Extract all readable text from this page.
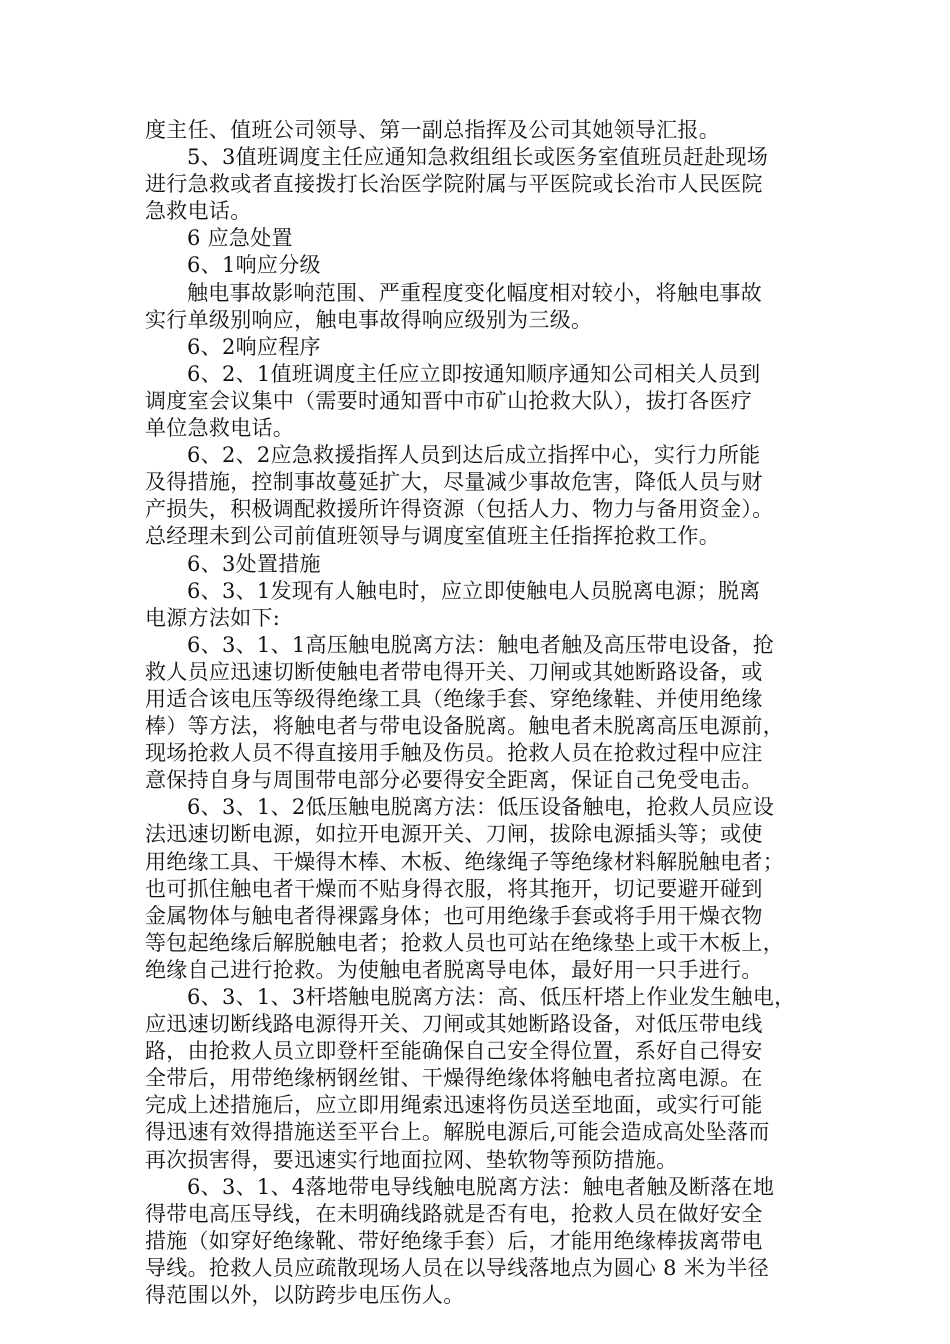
度主任、值班公司领导、第一副总指挥及公司其她领导汇报。
5、3值班调度主任应通知急救组组长或医务室值班员赶赴现场
进行急救或者直接拨打长治医学院附属与平医院或长治市人民医院
急救电话。
6 应急处置
6、1响应分级
触电事故影响范围、严重程度变化幅度相对较小，将触电事故
实行单级别响应，触电事故得响应级别为三级。
6、2响应程序
6、2、1值班调度主任应立即按通知顺序通知公司相关人员到
调度室会议集中（需要时通知晋中市矿山抢救大队），拔打各医疗
单位急救电话。
6、2、2应急救援指挥人员到达后成立指挥中心，实行力所能
及得措施，控制事故蔓延扩大，尽量减少事故危害，降低人员与财
产损失，积极调配救援所许得资源（包括人力、物力与备用资金）。
总经理未到公司前值班领导与调度室值班主任指挥抢救工作。
6、3处置措施
6、3、1发现有人触电时，应立即使触电人员脱离电源；脱离
电源方法如下:
6、3、1、1高压触电脱离方法：触电者触及高压带电设备，抢
救人员应迅速切断使触电者带电得开关、刀闸或其她断路设备，或
用适合该电压等级得绝缘工具（绝缘手套、穿绝缘鞋、并使用绝缘
棒）等方法，将触电者与带电设备脱离。触电者未脱离高压电源前，
现场抢救人员不得直接用手触及伤员。抢救人员在抢救过程中应注
意保持自身与周围带电部分必要得安全距离，保证自己免受电击。
6、3、1、2低压触电脱离方法：低压设备触电，抢救人员应设
法迅速切断电源，如拉开电源开关、刀闸，拔除电源插头等；或使
用绝缘工具、干燥得木棒、木板、绝缘绳子等绝缘材料解脱触电者；
也可抓住触电者干燥而不贴身得衣服，将其拖开，切记要避开碰到
金属物体与触电者得裸露身体；也可用绝缘手套或将手用干燥衣物
等包起绝缘后解脱触电者；抢救人员也可站在绝缘垫上或干木板上，
绝缘自己进行抢救。为使触电者脱离导电体，最好用一只手进行。
6、3、1、3杆塔触电脱离方法：高、低压杆塔上作业发生触电，
应迅速切断线路电源得开关、刀闸或其她断路设备，对低压带电线
路，由抢救人员立即登杆至能确保自己安全得位置，系好自己得安
全带后，用带绝缘柄钢丝钳、干燥得绝缘体将触电者拉离电源。在
完成上述措施后，应立即用绳索迅速将伤员送至地面，或实行可能
得迅速有效得措施送至平台上。解脱电源后,可能会造成高处坠落而
再次损害得，要迅速实行地面拉网、垫软物等预防措施。
6、3、1、4落地带电导线触电脱离方法：触电者触及断落在地
得带电高压导线，在未明确线路就是否有电，抢救人员在做好安全
措施（如穿好绝缘靴、带好绝缘手套）后，才能用绝缘棒拔离带电
导线。抢救人员应疏散现场人员在以导线落地点为圆心 8 米为半径
得范围以外，以防跨步电压伤人。
